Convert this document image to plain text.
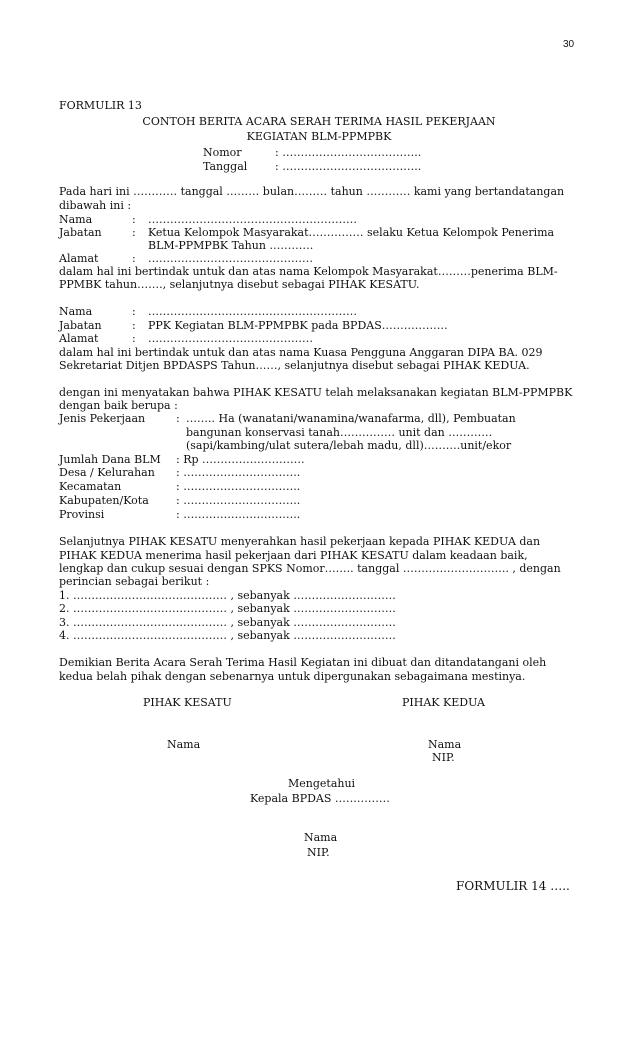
30
FORMULIR 13
CONTOH BERITA ACARA SERAH TERIMA HASIL PEKERJAAN
KEGIATAN BLM-PPMPBK
Nomor	: ………………………………..
Tanggal	: ………………………………..
Pada hari ini ………… tanggal ……… bulan……… tahun ………… kami yang bertandatangan
dibawah ini :
Nama	: …………………………………………………
Jabatan	: Ketua Kelompok Masyarakat…………… selaku Ketua Kelompok Penerima
BLM-PPMPBK Tahun …………
Alamat	: ………………………………………
dalam hal ini bertindak untuk dan atas nama Kelompok Masyarakat………penerima BLM-
PPMBK tahun……., selanjutnya disebut sebagai PIHAK KESATU.
Nama	: …………………………………………………
Jabatan	: PPK Kegiatan BLM-PPMPBK pada BPDAS………………
Alamat	: ………………………………………
dalam hal ini bertindak untuk dan atas nama Kuasa Pengguna Anggaran DIPA BA. 029
Sekretariat Ditjen BPDASPS Tahun……, selanjutnya disebut sebagai PIHAK KEDUA.
dengan ini menyatakan bahwa PIHAK KESATU telah melaksanakan kegiatan BLM-PPMPBK
dengan baik berupa :
Jenis Pekerjaan	: …….. Ha (wanatani/wanamina/wanafarma, dll), Pembuatan
bangunan konservasi tanah…………… unit dan …………
(sapi/kambing/ulat sutera/lebah madu, dll)……….unit/ekor
Jumlah Dana BLM : Rp ……………………….
Desa / Kelurahan : …………………………..
Kecamatan	: …………………………..
Kabupaten/Kota : …………………………..
Provinsi	: …………………………..
Selanjutnya PIHAK KESATU menyerahkan hasil pekerjaan kepada PIHAK KEDUA dan
PIHAK KEDUA menerima hasil pekerjaan dari PIHAK KESATU dalam keadaan baik,
lengkap dan cukup sesuai dengan SPKS Nomor…….. tanggal ……………………….. , dengan
perincian sebagai berikut :
1. …………………………………… , sebanyak ……………………….
2. …………………………………… , sebanyak ……………………….
3. …………………………………… , sebanyak ……………………….
4. …………………………………… , sebanyak ……………………….
Demikian Berita Acara Serah Terima Hasil Kegiatan ini dibuat dan ditandatangani oleh
kedua belah pihak dengan sebenarnya untuk dipergunakan sebagaimana mestinya.
PIHAK KESATU	PIHAK KEDUA
Nama	Nama
NIP.
Mengetahui
Kepala BPDAS ……………
Nama
NIP.
FORMULIR 14 …..
